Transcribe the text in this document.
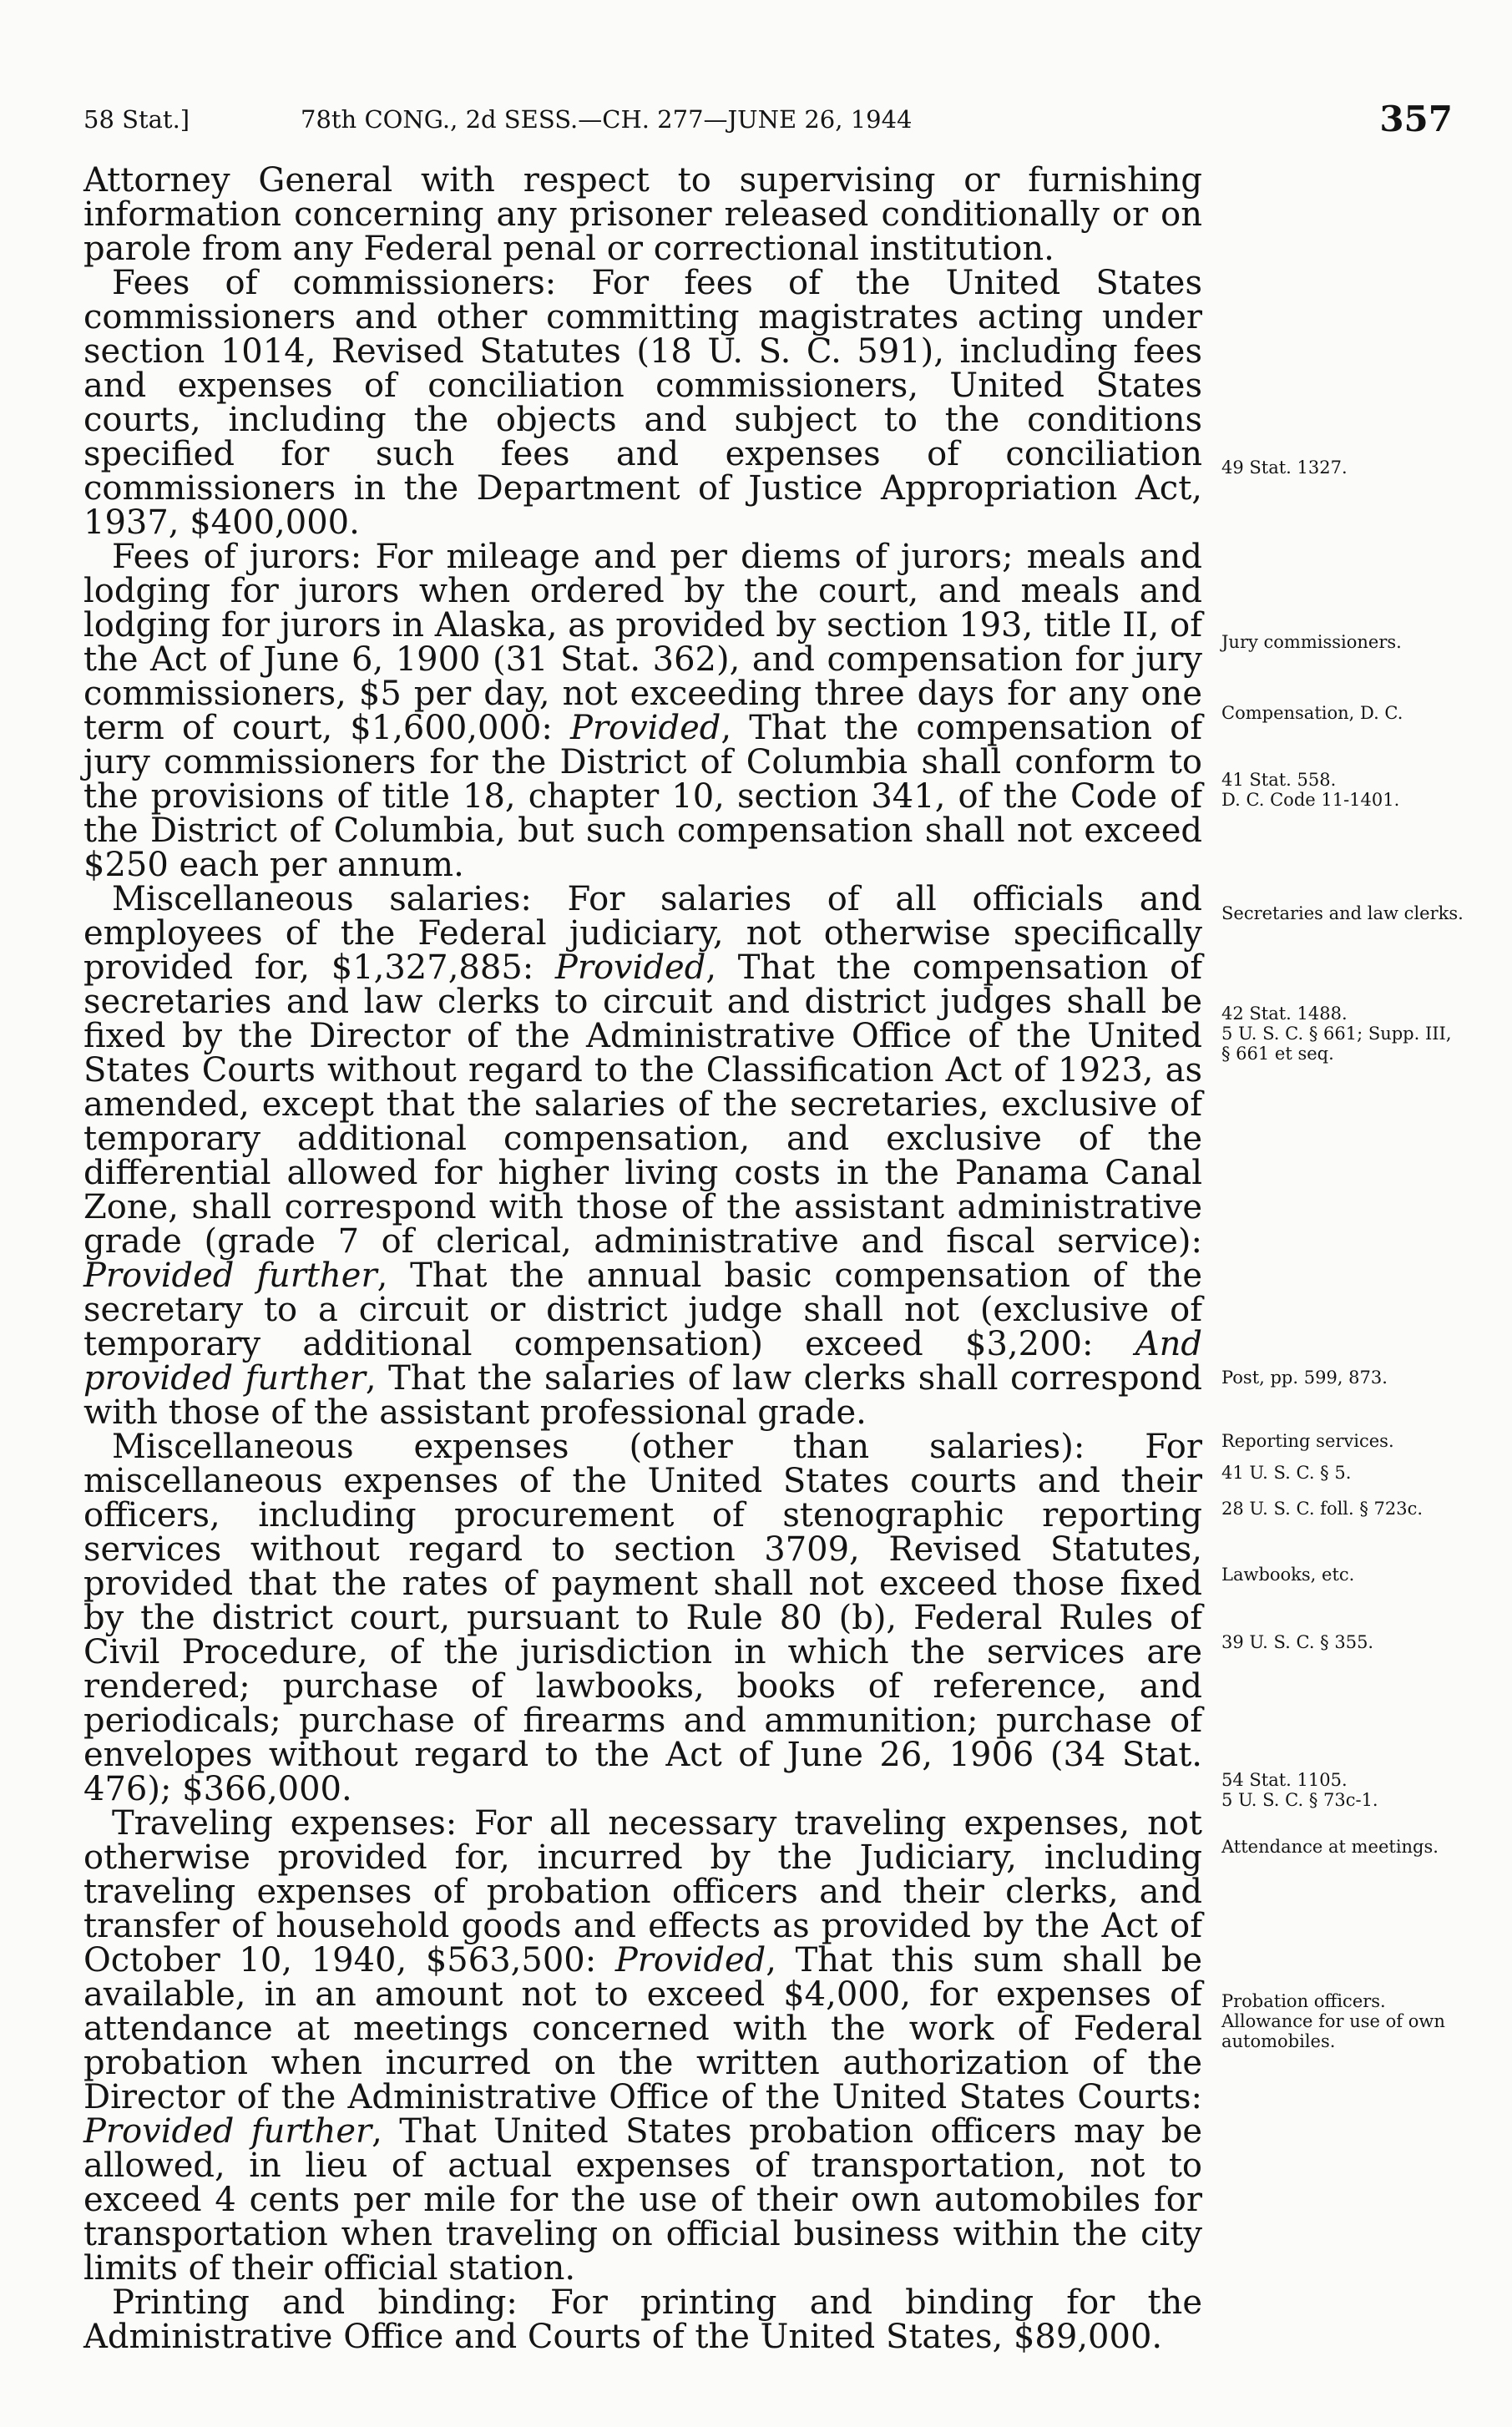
58 Stat.]	78th CONG., 2d SESS.—CH. 277—JUNE 26, 1944	357

Attorney General with respect to supervising or furnishing information concerning any prisoner released conditionally or on parole from any Federal penal or correctional institution.

Fees of commissioners: For fees of the United States commissioners and other committing magistrates acting under section 1014, Revised Statutes (18 U. S. C. 591), including fees and expenses of conciliation commissioners, United States courts, including the objects and subject to the conditions specified for such fees and expenses of conciliation commissioners in the Department of Justice Appropriation Act, 1937, $400,000.

Fees of jurors: For mileage and per diems of jurors; meals and lodging for jurors when ordered by the court, and meals and lodging for jurors in Alaska, as provided by section 193, title II, of the Act of June 6, 1900 (31 Stat. 362), and compensation for jury commissioners, $5 per day, not exceeding three days for any one term of court, $1,600,000: Provided, That the compensation of jury commissioners for the District of Columbia shall conform to the provisions of title 18, chapter 10, section 341, of the Code of the District of Columbia, but such compensation shall not exceed $250 each per annum.

Miscellaneous salaries: For salaries of all officials and employees of the Federal judiciary, not otherwise specifically provided for, $1,327,885: Provided, That the compensation of secretaries and law clerks to circuit and district judges shall be fixed by the Director of the Administrative Office of the United States Courts without regard to the Classification Act of 1923, as amended, except that the salaries of the secretaries, exclusive of temporary additional compensation, and exclusive of the differential allowed for higher living costs in the Panama Canal Zone, shall correspond with those of the assistant administrative grade (grade 7 of clerical, administrative and fiscal service): Provided further, That the annual basic compensation of the secretary to a circuit or district judge shall not (exclusive of temporary additional compensation) exceed $3,200: And provided further, That the salaries of law clerks shall correspond with those of the assistant professional grade.

Miscellaneous expenses (other than salaries): For miscellaneous expenses of the United States courts and their officers, including procurement of stenographic reporting services without regard to section 3709, Revised Statutes, provided that the rates of payment shall not exceed those fixed by the district court, pursuant to Rule 80 (b), Federal Rules of Civil Procedure, of the jurisdiction in which the services are rendered; purchase of lawbooks, books of reference, and periodicals; purchase of firearms and ammunition; purchase of envelopes without regard to the Act of June 26, 1906 (34 Stat. 476); $366,000.

Traveling expenses: For all necessary traveling expenses, not otherwise provided for, incurred by the Judiciary, including traveling expenses of probation officers and their clerks, and transfer of household goods and effects as provided by the Act of October 10, 1940, $563,500: Provided, That this sum shall be available, in an amount not to exceed $4,000, for expenses of attendance at meetings concerned with the work of Federal probation when incurred on the written authorization of the Director of the Administrative Office of the United States Courts: Provided further, That United States probation officers may be allowed, in lieu of actual expenses of transportation, not to exceed 4 cents per mile for the use of their own automobiles for transportation when traveling on official business within the city limits of their official station.

Printing and binding: For printing and binding for the Administrative Office and Courts of the United States, $89,000.

49 Stat. 1327.
Jury commissioners.
Compensation, D. C.
41 Stat. 558.
D. C. Code 11-1401.
Secretaries and law clerks.
42 Stat. 1488.
5 U. S. C. § 661; Supp. III, § 661 et seq.
Post, pp. 599, 873.
Reporting services.
41 U. S. C. § 5.
28 U. S. C. foll. § 723c.
Lawbooks, etc.
39 U. S. C. § 355.
54 Stat. 1105.
5 U. S. C. § 73c-1.
Attendance at meetings.
Probation officers.
Allowance for use of own automobiles.
